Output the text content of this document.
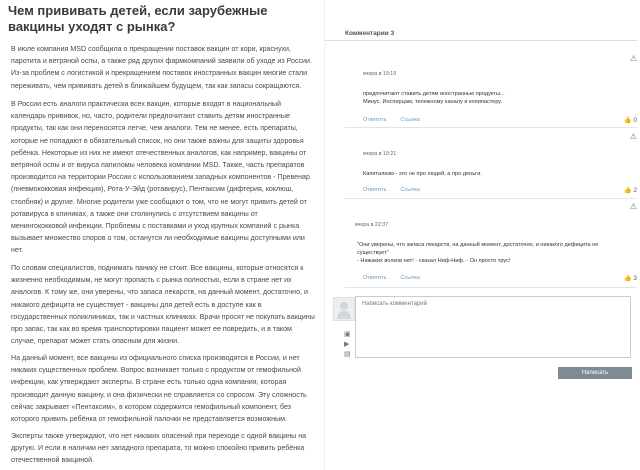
Чем прививать детей, если зарубежные вакцины уходят с рынка?

В июле компания MSD сообщила о прекращении поставок вакцин от кори, краснухи, паротита и ветряной оспы, а также ряд других фармкомпаний заявили об уходе из России. Из-за проблем с логистикой и прекращением поставок иностранных вакцин многие стали переживать, чем прививать детей в ближайшем будущем, так как запасы сокращаются.

В России есть аналоги практически всех вакцин, которые входят в национальный календарь прививок, но, часто, родители предпочитают ставить детям иностранные продукты, так как они переносятся легче, чем аналоги. Тем не менее, есть препараты, которые не попадают в обязательный список, но они также важны для защиты здоровья ребёнка. Некоторые из них не имеют отечественных аналогов, как например, вакцины от ветряной оспы и от вируса папиломы человека компании MSD. Также, часть препаратов производится на территории России с использованием западных компонентов - Превенар (пневмококковая инфекция), Рота-У-Эйд (ротавирус), Пентаксим (дифтерия, коклюш, столбняк) и другие. Многие родители уже сообщают о том, что не могут привить детей от ротавируса в клиниках, а также они столкнулись с отсутствием вакцины от менингококковой инфекции. Проблемы с поставками и уход крупных компаний с рынка вызывает множество споров о том, останутся ли необходимые вакцины доступными или нет.

По словам специалистов, поднимать панику не стоит. Все вакцины, которые относятся к жизненно необходимым, не могут пропасть с рынка полностью, если в стране нет их аналогов. К тому же, они уверены, что запаса лекарств, на данный момент, достаточно, и никакого дефицита не существует - вакцины для детей есть в доступе как в государственных поликлиниках, так и частных клиниках. Врачи просят не покупать вакцины про запас, так как во время транспортировки пациент может ее повредить, и в таком случае, препарат может стать опасным для жизни.

На данный момент, все вакцины из официального списка производятся в России, и нет никаких существенных проблем. Вопрос возникает только с продуктом от гемофильной инфекции, как утверждают эксперты. В стране есть только одна компания, которая производит данную вакцину, и она физически не справляется со спросом. Эту сложность сейчас закрывает «Пентаксим», в котором содержится гемофильный компонент, без которого привить ребёнка от гемофильной палочки не представляется возможным.

Эксперты также утверждают, что нет никаких опасений при переходе с одной вакцины на другую. И если в наличии нет западного препарата, то можно спокойно привить ребёнка отечественной вакциной.

Комментарии 3
⚠
вчера в 19:19

предпочитают ставить детям иностранные продукты...
Минус. Инсперцам, тележному каналу и копипастеру.

Ответить	Ссылка	👍 0
⚠
вчера в 19:21

Капитализм - это не про людей, а про деньги.

Ответить	Ссылка	👍 2
⚠
вчера в 22:37

"Они уверены, что запаса лекарств, на данный момент, достаточно, и никакого дефицита не существует"
- Нижаких волков нет! - сказал Ниф-Ниф. - Он просто трус!

Ответить	Ссылка	👍 3
▣
▶
▤
Написать комментарий
Написать
